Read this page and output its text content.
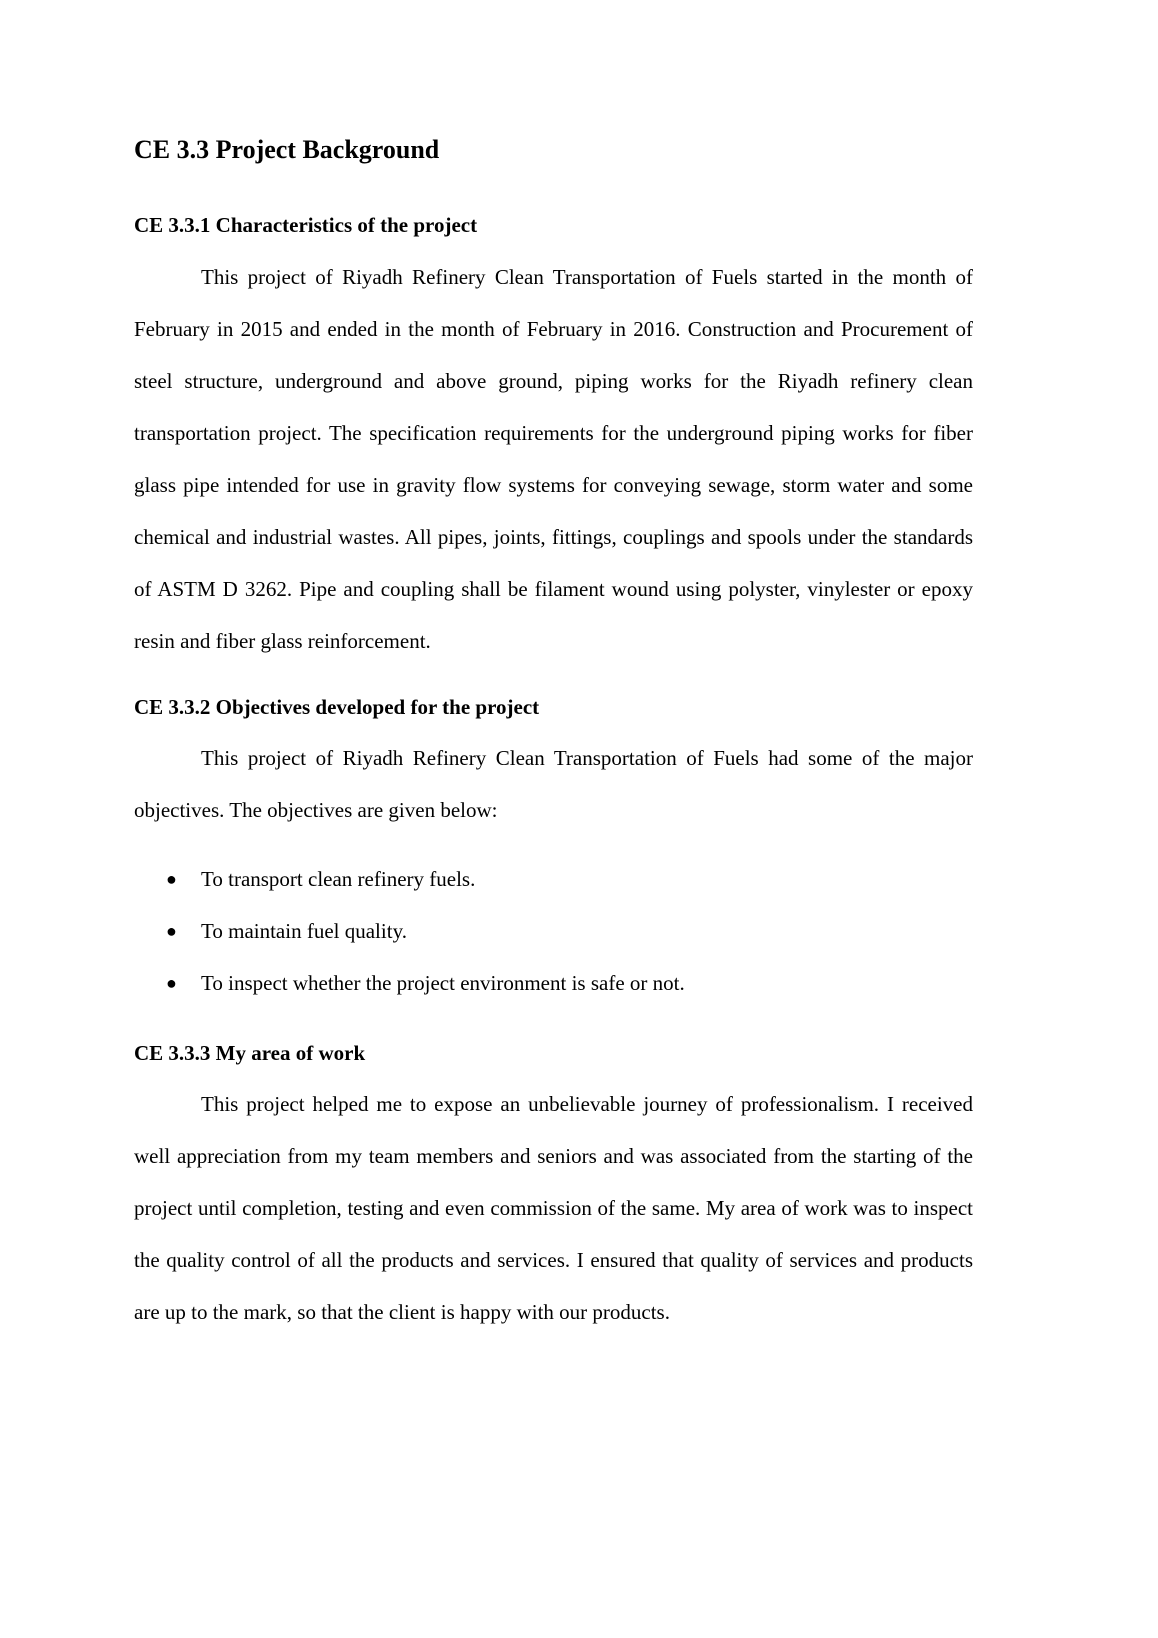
CE 3.3 Project Background
CE 3.3.1 Characteristics of the project

This project of Riyadh Refinery Clean Transportation of Fuels started in the month of February in 2015 and ended in the month of February in 2016. Construction and Procurement of steel structure, underground and above ground, piping works for the Riyadh refinery clean transportation project. The specification requirements for the underground piping works for fiber glass pipe intended for use in gravity flow systems for conveying sewage, storm water and some chemical and industrial wastes. All pipes, joints, fittings, couplings and spools under the standards of ASTM D 3262. Pipe and coupling shall be filament wound using polyster, vinylester or epoxy resin and fiber glass reinforcement.

CE 3.3.2 Objectives developed for the project

This project of Riyadh Refinery Clean Transportation of Fuels had some of the major objectives. The objectives are given below:

● To transport clean refinery fuels.
● To maintain fuel quality.
● To inspect whether the project environment is safe or not.
CE 3.3.3 My area of work

This project helped me to expose an unbelievable journey of professionalism. I received well appreciation from my team members and seniors and was associated from the starting of the project until completion, testing and even commission of the same. My area of work was to inspect the quality control of all the products and services. I ensured that quality of services and products are up to the mark, so that the client is happy with our products.
